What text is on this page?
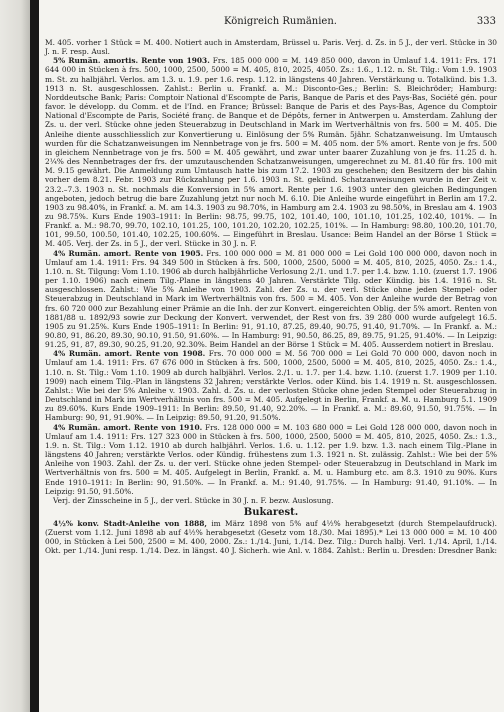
Königreich Rumänien.	333

M. 405. vorher 1 Stück = M. 400. Notiert auch in Amsterdam, Brüssel u. Paris. Verj. d. Zs. in 5 J., der verl. Stücke in 30 J. n. F. resp. Ausl.

5% Rumän. amortis. Rente von 1903. Frs. 185 000 000 = M. 149 850 000, davon in Umlauf 1.4. 1911: Frs. 171 644 000 in Stücken à frs. 500, 1000, 2500, 5000 = M. 405, 810, 2025, 4050. Zs.: 1.6., 1.12. n. St. Tilg.: Vom 1.9. 1903 m. St. zu halbjährl. Verlos. am 1.3. u. 1.9. per 1.6. resp. 1.12. in längstens 40 Jahren. Verstärkung u. Totalkünd. bis 1.3. 1913 n. St. ausgeschlossen. Zahlst.: Berlin u. Frankf. a. M.: Disconto-Ges.; Berlin: S. Bleichröder; Hamburg: Norddeutsche Bank; Paris: Comptoir National d'Escompte de Paris, Banque de Paris et des Pays-Bas, Société gén. pour favor. le développ. du Comm. et de l'Ind. en France; Brüssel: Banque de Paris et des Pays-Bas, Agence du Comptoir National d'Escompte de Paris, Société franç. de Banque et de Dépôts, ferner in Antwerpen u. Amsterdam. Zahlung der Zs. u. der verl. Stücke ohne jeden Steuerabzug in Deutschland in Mark im Wertverhältnis von frs. 500 = M. 405. Die Anleihe diente ausschliesslich zur Konvertierung u. Einlösung der 5% Rumän. 5jähr. Schatzanweisung. Im Umtausch wurden für die Schatzanweisungen im Nennbetrage von je frs. 500 = M. 405 nom. der 5% amort. Rente von je frs. 500 in gleichem Nennbetrage von je frs. 500 = M. 405 gewährt, und zwar unter baarer Zuzahlung von je frs. 11.25 d. h. 2¼% des Nennbetrages der frs. der umzutauschenden Schatzanweisungen, umgerechnet zu M. 81.40 für frs. 100 mit M. 9.15 gewährt. Die Anmeldung zum Umtausch hatte bis zum 17.2. 1903 zu geschehen; den Besitzern der bis dahin vorher dem 8.21. Febr. 1903 zur Rückzahlung per 1.6. 1903 n. St. gekünd. Schatzanweisungen wurde in der Zeit v. 23.2.–7.3. 1903 n. St. nochmals die Konversion in 5% amort. Rente per 1.6. 1903 unter den gleichen Bedingungen angeboten, jedoch betrug die bare Zuzahlung jetzt nur noch M. 6.10. Die Anleihe wurde eingeführt in Berlin am 17.2. 1903 zu 98.40%, in Frankf. a. M. am 14.3. 1903 zu 98.70%, in Hamburg am 2.4. 1903 zu 98.50%, in Breslau am 4. 1903 zu 98.75%. Kurs Ende 1903–1911: In Berlin: 98.75, 99.75, 102, 101.40, 100, 101.10, 101.25, 102.40, 101%. — In Frankf. a. M.: 98.70, 99.70, 102.10, 101.25, 100, 101.20, 102.20, 102.25, 101%. — In Hamburg: 98.80, 100.20, 101.70, 101, 99.50, 100.50, 101.40, 102.25, 100.60%. — Eingeführt in Breslau. Usance: Beim Handel an der Börse 1 Stück = M. 405. Verj. der Zs. in 5 J., der verl. Stücke in 30 J. n. F.

4% Rumän. amort. Rente von 1905. Frs. 100 000 000 = M. 81 000 000 = Lei Gold 100 000 000, davon noch in Umlauf am 1.4. 1911: Frs. 94 349 500 in Stücken à frs. 500, 1000, 2500, 5000 = M. 405, 810, 2025, 4050. Zs.: 1.4., 1.10. n. St. Tilgung: Vom 1.10. 1906 ab durch halbjährliche Verlosung 2./1. und 1.7. per 1.4. bzw. 1.10. (zuerst 1.7. 1906 per 1.10. 1906) nach einem Tilg.-Plane in längstens 40 Jahren. Verstärkte Tilg. oder Kündig. bis 1.4. 1916 n. St. ausgeschlossen. Zahlst.: Wie 5% Anleihe von 1903. Zahl. der Zs. u. der verl. Stücke ohne jeden Stempel- oder Steuerabzug in Deutschland in Mark im Wertverhältnis von frs. 500 = M. 405. Von der Anleihe wurde der Betrag von frs. 60 720 000 zur Bezahlung einer Prämie an die Inh. der zur Konvert. eingereichten Oblig. der 5% amort. Renten von 1881/88 u. 1892/93 sowie zur Deckung der Konvert. verwendet, der Rest von frs. 39 280 000 wurde aufgelegt 16.5. 1905 zu 91.25%. Kurs Ende 1905–1911: In Berlin: 91, 91.10, 87.25, 89.40, 90.75, 91.40, 91.70%. — In Frankf. a. M.: 90.80, 91, 86.20, 89.30, 90.10, 91.50, 91.60%. — In Hamburg: 91, 90.50, 86.25, 89, 89.75, 91.25, 91.40%. — In Leipzig: 91.25, 91, 87, 89.30, 90.25, 91.20, 92.30%. Beim Handel an der Börse 1 Stück = M. 405. Ausserdem notiert in Breslau.

4% Rumän. amort. Rente von 1908. Frs. 70 000 000 = M. 56 700 000 = Lei Gold 70 000 000, davon noch in Umlauf am 1.4. 1911: Frs. 67 676 000 in Stücken à frs. 500, 1000, 2500, 5000 = M. 405, 810, 2025, 4050. Zs.: 1.4., 1.10. n. St. Tilg.: Vom 1.10. 1909 ab durch halbjährl. Verlos. 2./1. u. 1.7. per 1.4. bzw. 1.10. (zuerst 1.7. 1909 per 1.10. 1909) nach einem Tilg.-Plan in längstens 32 Jahren; verstärkte Verlos. oder Künd. bis 1.4. 1919 n. St. ausgeschlossen. Zahlst.: Wie bei der 5% Anleihe v. 1903. Zahl. d. Zs. u. der verlosten Stücke ohne jeden Stempel oder Steuerabzug in Deutschland in Mark im Wertverhältnis von frs. 500 = M. 405. Aufgelegt in Berlin, Frankf. a. M. u. Hamburg 5.1. 1909 zu 89.60%. Kurs Ende 1909–1911: In Berlin: 89.50, 91.40, 92.20%. — In Frankf. a. M.: 89.60, 91.50, 91.75%. — In Hamburg: 90, 91, 91.90%. — In Leipzig: 89.50, 91.20, 91.50%.

4% Rumän. amort. Rente von 1910. Frs. 128 000 000 = M. 103 680 000 = Lei Gold 128 000 000, davon noch in Umlauf am 1.4. 1911: Frs. 127 323 000 in Stücken à frs. 500, 1000, 2500, 5000 = M. 405, 810, 2025, 4050. Zs.: 1.3., 1.9. n. St. Tilg.: Vom 1.12. 1910 ab durch halbjährl. Verlos. 1.6. u. 1.12. per 1.9. bzw. 1.3. nach einem Tilg.-Plane in längstens 40 Jahren; verstärkte Verlos. oder Kündig. frühestens zum 1.3. 1921 n. St. zulässig. Zahlst.: Wie bei der 5% Anleihe von 1903. Zahl. der Zs. u. der verl. Stücke ohne jeden Stempel- oder Steuerabzug in Deutschland in Mark im Wertverhältnis von frs. 500 = M. 405. Aufgelegt in Berlin, Frankf. a. M. u. Hamburg etc. am 8.3. 1910 zu 90%. Kurs Ende 1910–1911: In Berlin: 90, 91.50%. — In Frankf. a. M.: 91.40, 91.75%. — In Hamburg: 91.40, 91.10%. — In Leipzig: 91.50, 91.50%.

Verj. der Zinsscheine in 5 J., der verl. Stücke in 30 J. n. F. bezw. Auslosung.

Bukarest.

4½% konv. Stadt-Anleihe von 1888, im März 1898 von 5% auf 4½% herabgesetzt (durch Stempelaufdruck). (Zuerst vom 1.12. Juni 1898 ab auf 4½% herabgesetzt (Gesetz vom 18./30. Mai 1895).* Lei 13 000 000 = M. 10 400 000, in Stücken à Lei 500, 2500 = M. 400, 2000. Zs.: 1./14. Juni, 1./14. Dez. Tilg.: Durch halbj. Verl. 1./14. April, 1./14. Okt. per 1./14. Juni resp. 1./14. Dez. in längst. 40 J. Sicherh. wie Anl. v. 1884. Zahlst.: Berlin u. Dresden: Dresdner Bank:
